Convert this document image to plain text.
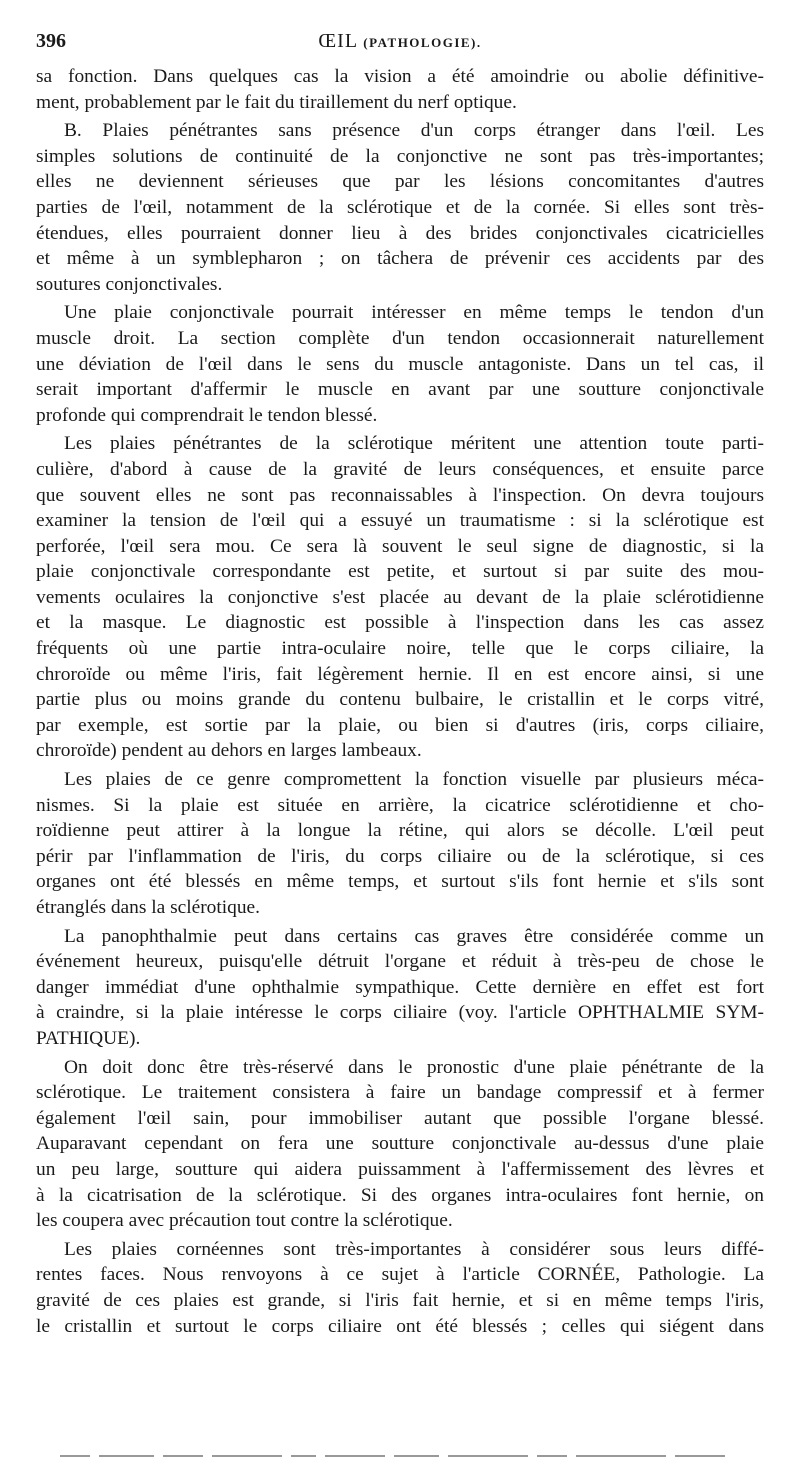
396	ŒIL (PATHOLOGIE).
sa fonction. Dans quelques cas la vision a été amoindrie ou abolie définitive-
ment, probablement par le fait du tiraillement du nerf optique.
B. Plaies pénétrantes sans présence d'un corps étranger dans l'œil. Les
simples solutions de continuité de la conjonctive ne sont pas très-importantes;
elles ne deviennent sérieuses que par les lésions concomitantes d'autres
parties de l'œil, notamment de la sclérotique et de la cornée. Si elles sont très-
étendues, elles pourraient donner lieu à des brides conjonctivales cicatricielles
et même à un symblepharon ; on tâchera de prévenir ces accidents par des
soutures conjonctivales.
Une plaie conjonctivale pourrait intéresser en même temps le tendon d'un
muscle droit. La section complète d'un tendon occasionnerait naturellement
une déviation de l'œil dans le sens du muscle antagoniste. Dans un tel cas, il
serait important d'affermir le muscle en avant par une soutture conjonctivale
profonde qui comprendrait le tendon blessé.
Les plaies pénétrantes de la sclérotique méritent une attention toute parti-
culière, d'abord à cause de la gravité de leurs conséquences, et ensuite parce
que souvent elles ne sont pas reconnaissables à l'inspection. On devra toujours
examiner la tension de l'œil qui a essuyé un traumatisme : si la sclérotique est
perforée, l'œil sera mou. Ce sera là souvent le seul signe de diagnostic, si la
plaie conjonctivale correspondante est petite, et surtout si par suite des mou-
vements oculaires la conjonctive s'est placée au devant de la plaie sclérotidienne
et la masque. Le diagnostic est possible à l'inspection dans les cas assez
fréquents où une partie intra-oculaire noire, telle que le corps ciliaire, la
chroroïde ou même l'iris, fait légèrement hernie. Il en est encore ainsi, si une
partie plus ou moins grande du contenu bulbaire, le cristallin et le corps vitré,
par exemple, est sortie par la plaie, ou bien si d'autres (iris, corps ciliaire,
chroroïde) pendent au dehors en larges lambeaux.
Les plaies de ce genre compromettent la fonction visuelle par plusieurs méca-
nismes. Si la plaie est située en arrière, la cicatrice sclérotidienne et cho-
roïdienne peut attirer à la longue la rétine, qui alors se décolle. L'œil peut
périr par l'inflammation de l'iris, du corps ciliaire ou de la sclérotique, si ces
organes ont été blessés en même temps, et surtout s'ils font hernie et s'ils sont
étranglés dans la sclérotique.
La panophthalmie peut dans certains cas graves être considérée comme un
événement heureux, puisqu'elle détruit l'organe et réduit à très-peu de chose le
danger immédiat d'une ophthalmie sympathique. Cette dernière en effet est fort
à craindre, si la plaie intéresse le corps ciliaire (voy. l'article OPHTHALMIE SYM-
PATHIQUE).
On doit donc être très-réservé dans le pronostic d'une plaie pénétrante de la
sclérotique. Le traitement consistera à faire un bandage compressif et à fermer
également l'œil sain, pour immobiliser autant que possible l'organe blessé.
Auparavant cependant on fera une soutture conjonctivale au-dessus d'une plaie
un peu large, soutture qui aidera puissamment à l'affermissement des lèvres et
à la cicatrisation de la sclérotique. Si des organes intra-oculaires font hernie, on
les coupera avec précaution tout contre la sclérotique.
Les plaies cornéennes sont très-importantes à considérer sous leurs diffé-
rentes faces. Nous renvoyons à ce sujet à l'article CORNÉE, Pathologie. La
gravité de ces plaies est grande, si l'iris fait hernie, et si en même temps l'iris,
le cristallin et surtout le corps ciliaire ont été blessés ; celles qui siégent dans
